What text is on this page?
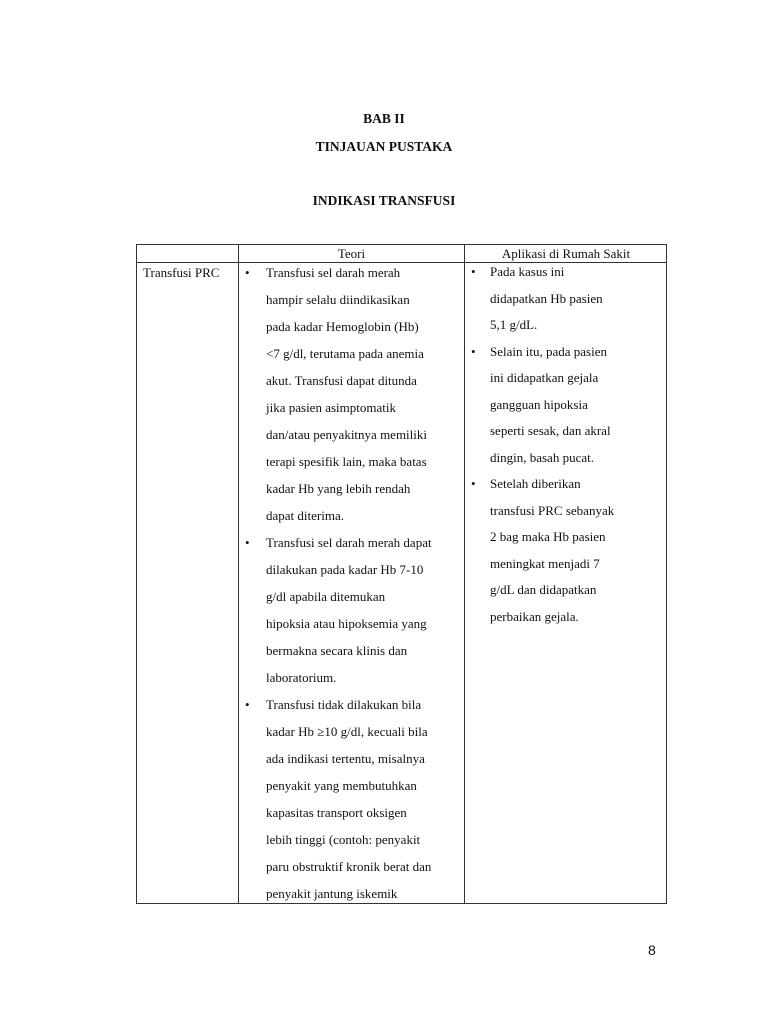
BAB II
TINJAUAN PUSTAKA
INDIKASI TRANSFUSI
Teori	Aplikasi di Rumah Sakit
Transfusi PRC • Transfusi sel darah merah
hampir selalu diindikasikan
pada kadar Hemoglobin (Hb)
<7 g/dl, terutama pada anemia
akut. Transfusi dapat ditunda
jika pasien asimptomatik
dan/atau penyakitnya memiliki
terapi spesifik lain, maka batas
kadar Hb yang lebih rendah
dapat diterima.
• Transfusi sel darah merah dapat
dilakukan pada kadar Hb 7-10
g/dl apabila ditemukan
hipoksia atau hipoksemia yang
bermakna secara klinis dan
laboratorium.
• Transfusi tidak dilakukan bila
kadar Hb ≥10 g/dl, kecuali bila
ada indikasi tertentu, misalnya
penyakit yang membutuhkan
kapasitas transport oksigen
lebih tinggi (contoh: penyakit
paru obstruktif kronik berat dan
penyakit jantung iskemik
• Pada kasus ini
didapatkan Hb pasien
5,1 g/dL.
• Selain itu, pada pasien
ini didapatkan gejala
gangguan hipoksia
seperti sesak, dan akral
dingin, basah pucat.
• Setelah diberikan
transfusi PRC sebanyak
2 bag maka Hb pasien
meningkat menjadi 7
g/dL dan didapatkan
perbaikan gejala.
8
